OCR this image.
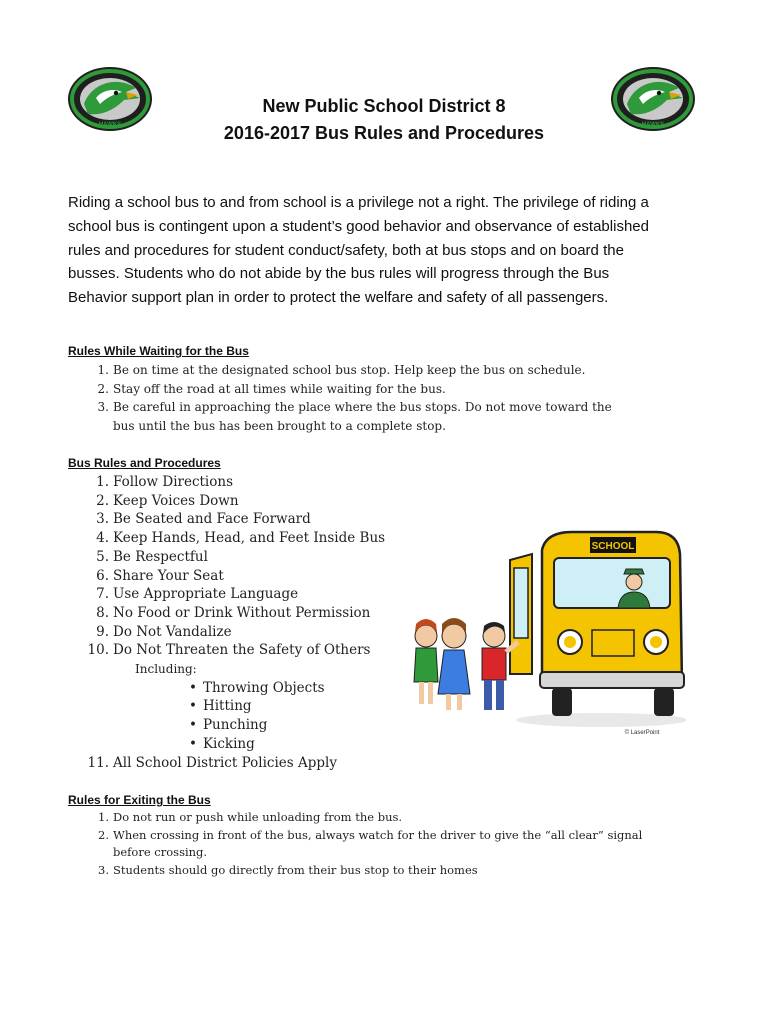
HAWKS	HAWKS
New Public School District 8
2016-2017 Bus Rules and Procedures
Riding a school bus to and from school is a privilege not a right. The privilege of riding a
school bus is contingent upon a student’s good behavior and observance of established
rules and procedures for student conduct/safety, both at bus stops and on board the
busses. Students who do not abide by the bus rules will progress through the Bus
Behavior support plan in order to protect the welfare and safety of all passengers.
Rules While Waiting for the Bus
1. Be on time at the designated school bus stop. Help keep the bus on schedule.
2. Stay off the road at all times while waiting for the bus.
3. Be careful in approaching the place where the bus stops. Do not move toward the
bus until the bus has been brought to a complete stop.
Bus Rules and Procedures
1. Follow Directions
2. Keep Voices Down
3. Be Seated and Face Forward
4. Keep Hands, Head, and Feet Inside Bus
5. Be Respectful
6. Share Your Seat
7. Use Appropriate Language
8. No Food or Drink Without Permission
9. Do Not Vandalize
10. Do Not Threaten the Safety of Others
Including:
• Throwing Objects
• Hitting
• Punching
• Kicking
11. All School District Policies Apply
SCHOOL
© LaserPoint
Rules for Exiting the Bus
1. Do not run or push while unloading from the bus.
2. When crossing in front of the bus, always watch for the driver to give the “all clear” signal
before crossing.
3. Students should go directly from their bus stop to their homes
